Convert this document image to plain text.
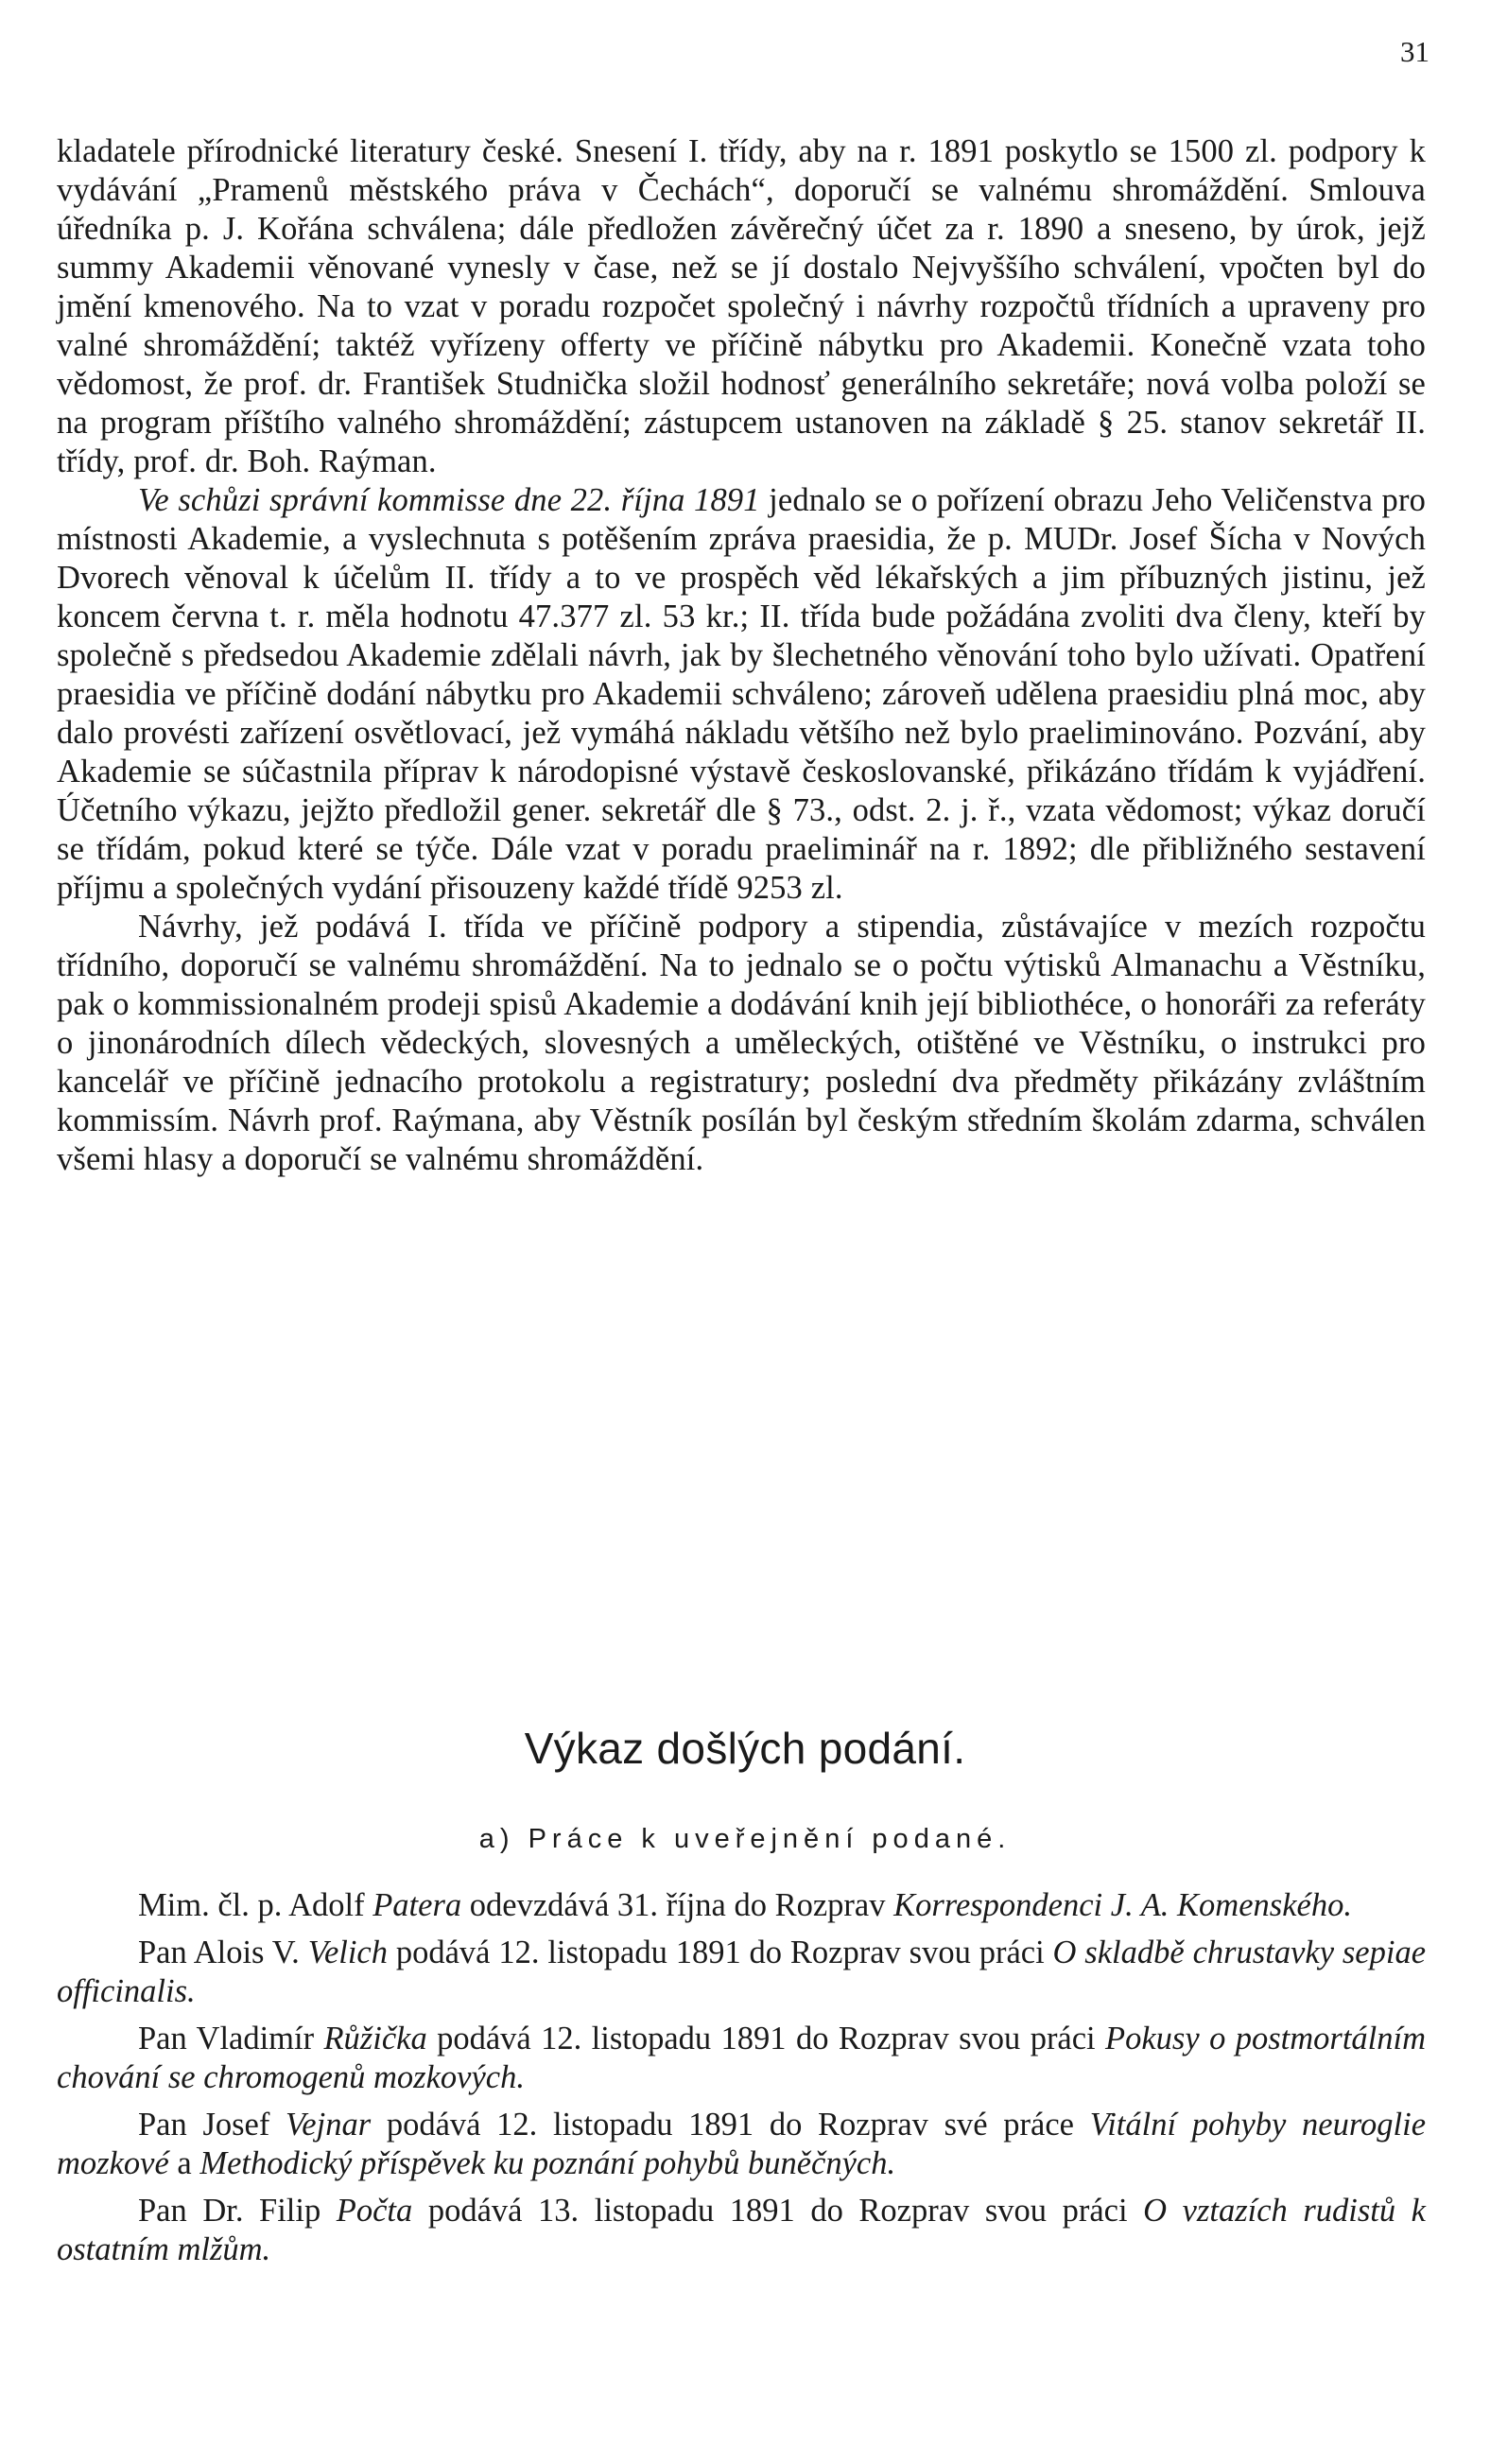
31

kladatele přírodnické literatury české. Snesení I. třídy, aby na r. 1891 poskytlo se 1500 zl. podpory k vydávání „Pramenů městského práva v Čechách“, doporučí se valnému shromáždění. Smlouva úředníka p. J. Kořána schválena; dále předložen závěrečný účet za r. 1890 a sneseno, by úrok, jejž summy Akademii věnované vynesly v čase, než se jí dostalo Nejvyššího schválení, vpočten byl do jmění kmenového. Na to vzat v poradu rozpočet společný i návrhy rozpočtů třídních a upraveny pro valné shromáždění; taktéž vyřízeny offerty ve příčině nábytku pro Akademii. Konečně vzata toho vědomost, že prof. dr. František Studnička složil hodnosť generálního sekretáře; nová volba položí se na program příštího valného shromáždění; zástupcem ustanoven na základě § 25. stanov sekretář II. třídy, prof. dr. Boh. Raýman.

Ve schůzi správní kommisse dne 22. října 1891 jednalo se o pořízení obrazu Jeho Veličenstva pro místnosti Akademie, a vyslechnuta s potěšením zpráva praesidia, že p. MUDr. Josef Šícha v Nových Dvorech věnoval k účelům II. třídy a to ve prospěch věd lékařských a jim příbuzných jistinu, jež koncem června t. r. měla hodnotu 47.377 zl. 53 kr.; II. třída bude požádána zvoliti dva členy, kteří by společně s předsedou Akademie zdělali návrh, jak by šlechetného věnování toho bylo užívati. Opatření praesidia ve příčině dodání nábytku pro Akademii schváleno; zároveň udělena praesidiu plná moc, aby dalo provésti zařízení osvětlovací, jež vymáhá nákladu většího než bylo praeliminováno. Pozvání, aby Akademie se súčastnila příprav k národopisné výstavě českoslovanské, přikázáno třídám k vyjádření. Účetního výkazu, jejžto předložil gener. sekretář dle § 73., odst. 2. j. ř., vzata vědomost; výkaz doručí se třídám, pokud které se týče. Dále vzat v poradu praeliminář na r. 1892; dle přibližného sestavení příjmu a společných vydání přisouzeny každé třídě 9253 zl.

Návrhy, jež podává I. třída ve příčině podpory a stipendia, zůstávajíce v mezích rozpočtu třídního, doporučí se valnému shromáždění. Na to jednalo se o počtu výtisků Almanachu a Věstníku, pak o kommissionalném prodeji spisů Akademie a dodávání knih její bibliothéce, o honoráři za referáty o jinonárodních dílech vědeckých, slovesných a uměleckých, otištěné ve Věstníku, o instrukci pro kancelář ve příčině jednacího protokolu a registratury; poslední dva předměty přikázány zvláštním kommissím. Návrh prof. Raýmana, aby Věstník posílán byl českým středním školám zdarma, schválen všemi hlasy a doporučí se valnému shromáždění.

Výkaz došlých podání.
a) Práce k uveřejnění podané.

Mim. čl. p. Adolf Patera odevzdává 31. října do Rozprav Korrespondenci J. A. Komenského.

Pan Alois V. Velich podává 12. listopadu 1891 do Rozprav svou práci O skladbě chrustavky sepiae officinalis.

Pan Vladimír Růžička podává 12. listopadu 1891 do Rozprav svou práci Pokusy o postmortálním chování se chromogenů mozkových.

Pan Josef Vejnar podává 12. listopadu 1891 do Rozprav své práce Vitální pohyby neuroglie mozkové a Methodický příspěvek ku poznání pohybů buněčných.

Pan Dr. Filip Počta podává 13. listopadu 1891 do Rozprav svou práci O vztazích rudistů k ostatním mlžům.
